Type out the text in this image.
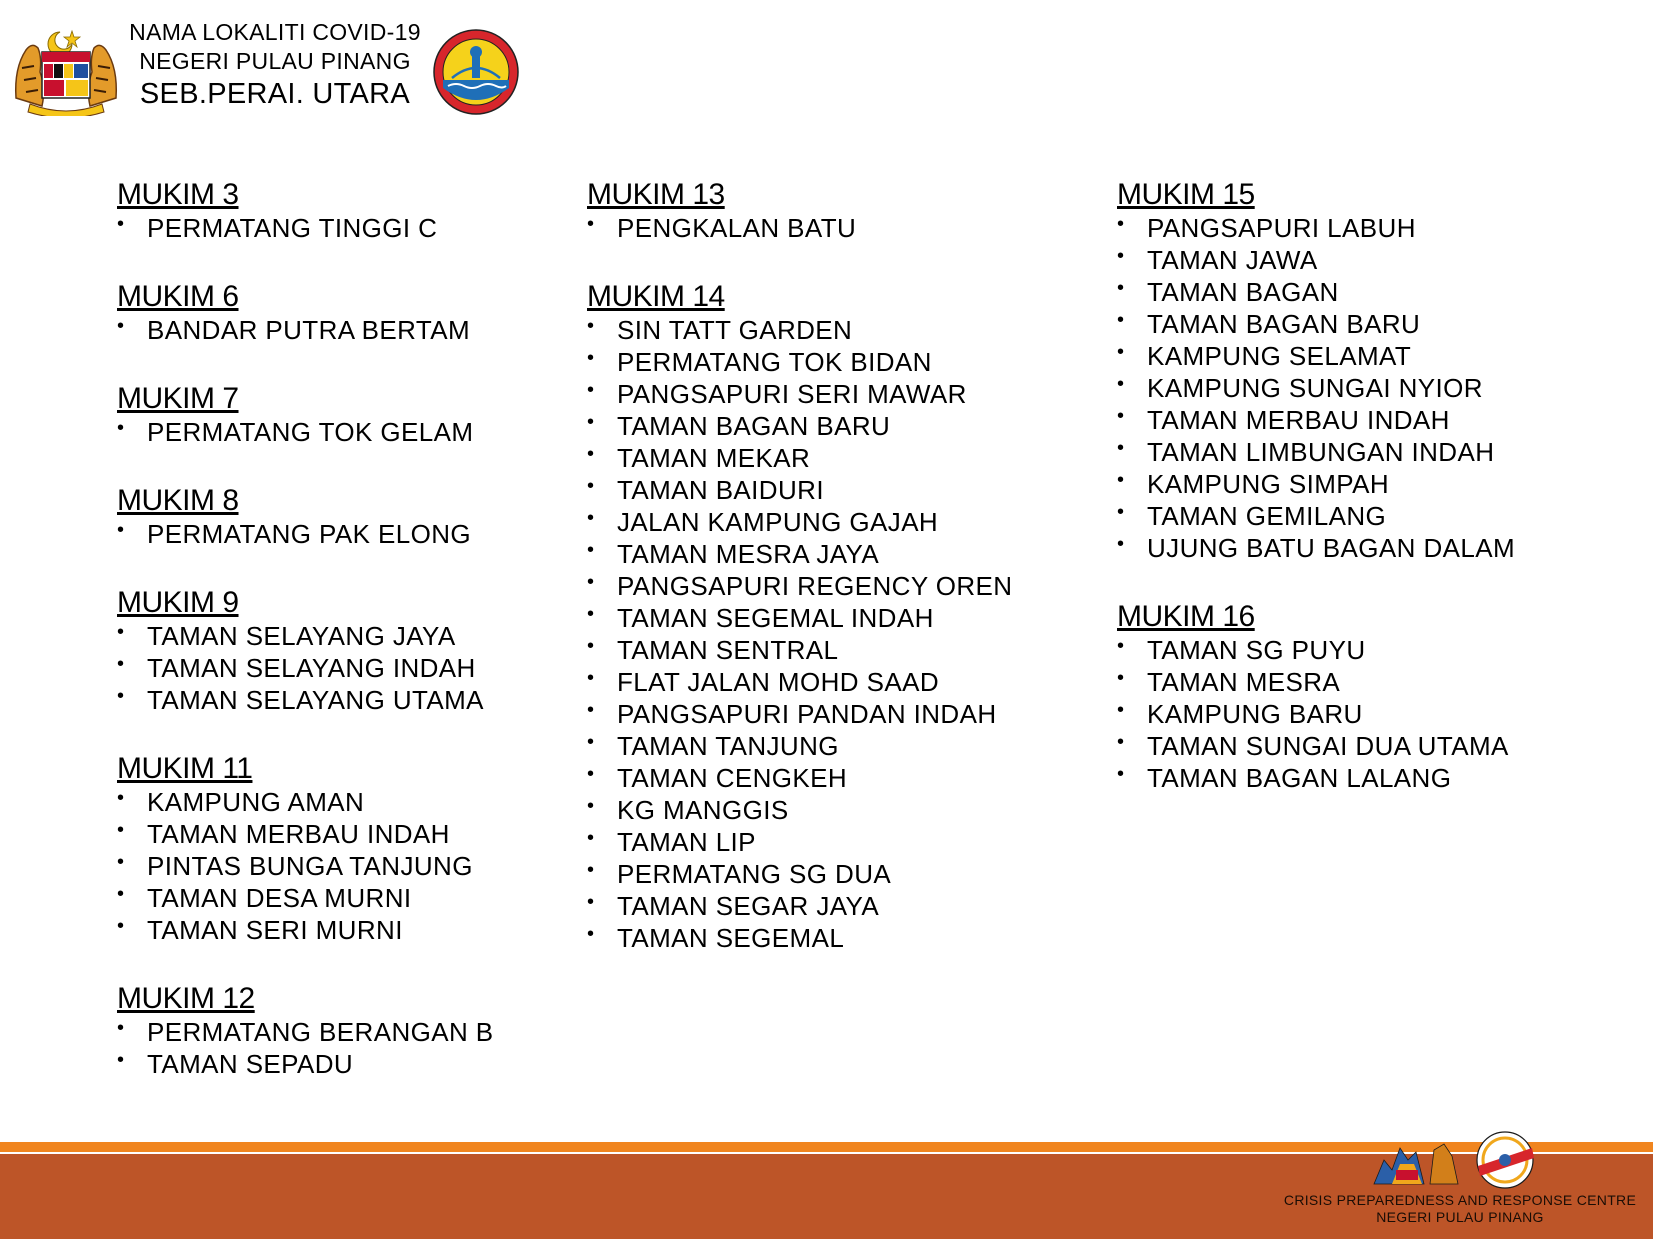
NAMA LOKALITI COVID-19
NEGERI PULAU PINANG
SEB.PERAI. UTARA
MUKIM 3
• PERMATANG TINGGI C
MUKIM 6
• BANDAR PUTRA BERTAM
MUKIM 7
• PERMATANG TOK GELAM
MUKIM 8
• PERMATANG PAK ELONG
MUKIM 9
• TAMAN SELAYANG JAYA
• TAMAN SELAYANG INDAH
• TAMAN SELAYANG UTAMA
MUKIM 11
• KAMPUNG AMAN
• TAMAN MERBAU INDAH
• PINTAS BUNGA TANJUNG
• TAMAN DESA MURNI
• TAMAN SERI MURNI
MUKIM 12
• PERMATANG BERANGAN B
• TAMAN SEPADU
MUKIM 13
• PENGKALAN BATU
MUKIM 14
• SIN TATT GARDEN
• PERMATANG TOK BIDAN
• PANGSAPURI SERI MAWAR
• TAMAN BAGAN BARU
• TAMAN MEKAR
• TAMAN BAIDURI
• JALAN KAMPUNG GAJAH
• TAMAN MESRA JAYA
• PANGSAPURI REGENCY OREN
• TAMAN SEGEMAL INDAH
• TAMAN SENTRAL
• FLAT JALAN MOHD SAAD
• PANGSAPURI PANDAN INDAH
• TAMAN TANJUNG
• TAMAN CENGKEH
• KG MANGGIS
• TAMAN LIP
• PERMATANG SG DUA
• TAMAN SEGAR JAYA
• TAMAN SEGEMAL
MUKIM 15
• PANGSAPURI LABUH
• TAMAN JAWA
• TAMAN BAGAN
• TAMAN BAGAN BARU
• KAMPUNG SELAMAT
• KAMPUNG SUNGAI NYIOR
• TAMAN MERBAU INDAH
• TAMAN LIMBUNGAN INDAH
• KAMPUNG SIMPAH
• TAMAN GEMILANG
• UJUNG BATU BAGAN DALAM
MUKIM 16
• TAMAN SG PUYU
• TAMAN MESRA
• KAMPUNG BARU
• TAMAN SUNGAI DUA UTAMA
• TAMAN BAGAN LALANG
CRISIS PREPAREDNESS AND RESPONSE CENTRE
NEGERI PULAU PINANG
